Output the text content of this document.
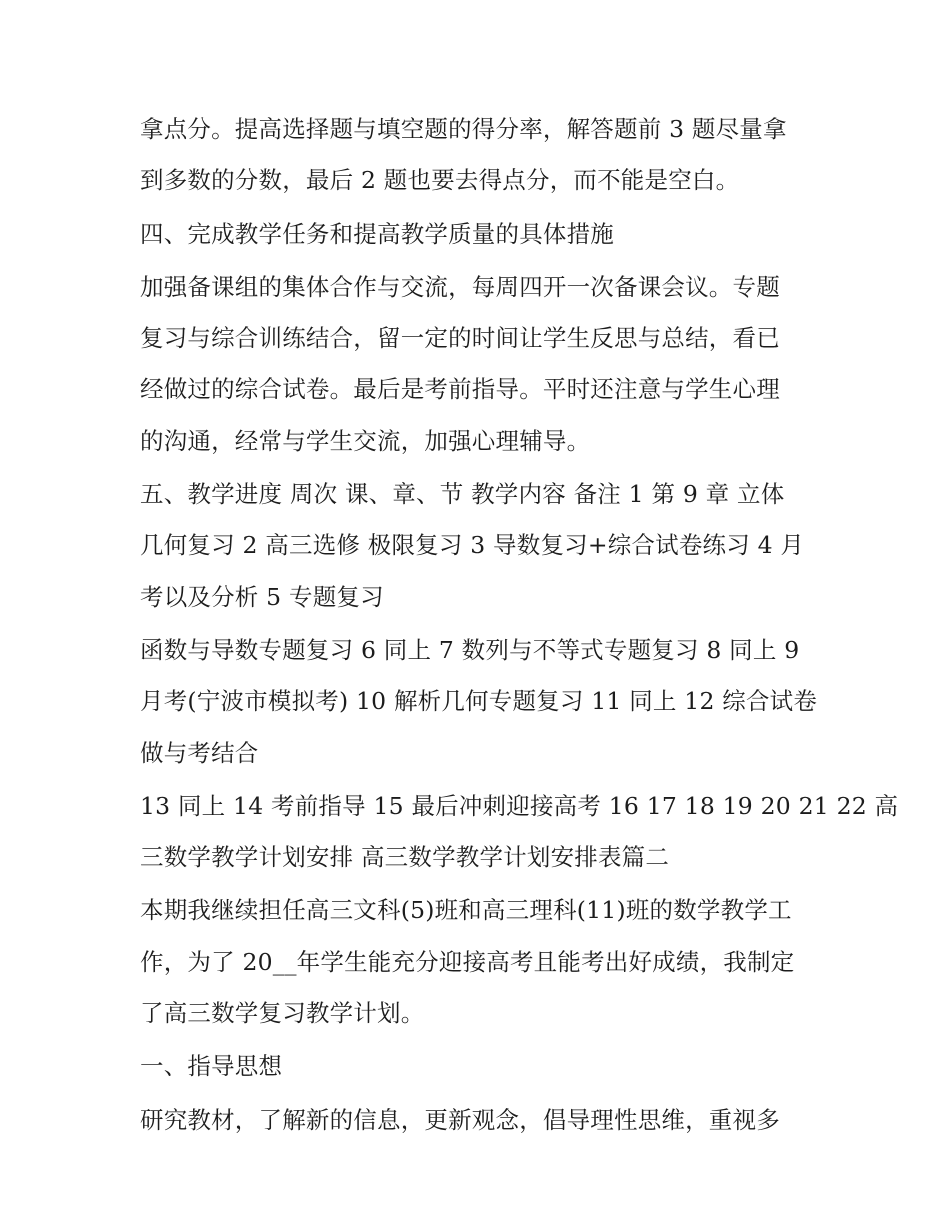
拿点分。提高选择题与填空题的得分率，解答题前 3 题尽量拿
到多数的分数，最后 2 题也要去得点分，而不能是空白。
四、完成教学任务和提高教学质量的具体措施
加强备课组的集体合作与交流，每周四开一次备课会议。专题
复习与综合训练结合，留一定的时间让学生反思与总结，看已
经做过的综合试卷。最后是考前指导。平时还注意与学生心理
的沟通，经常与学生交流，加强心理辅导。
五、教学进度 周次 课、章、节 教学内容 备注 1 第 9 章 立体
几何复习 2 高三选修 极限复习 3 导数复习+综合试卷练习 4 月
考以及分析 5 专题复习
函数与导数专题复习 6 同上 7 数列与不等式专题复习 8 同上 9
月考(宁波市模拟考) 10 解析几何专题复习 11 同上 12 综合试卷
做与考结合
13 同上 14 考前指导 15 最后冲刺迎接高考 16 17 18 19 20 21 22 高
三数学教学计划安排 高三数学教学计划安排表篇二
本期我继续担任高三文科(5)班和高三理科(11)班的数学教学工
作，为了 20__年学生能充分迎接高考且能考出好成绩，我制定
了高三数学复习教学计划。
一、指导思想
研究教材，了解新的信息，更新观念，倡导理性思维，重视多
